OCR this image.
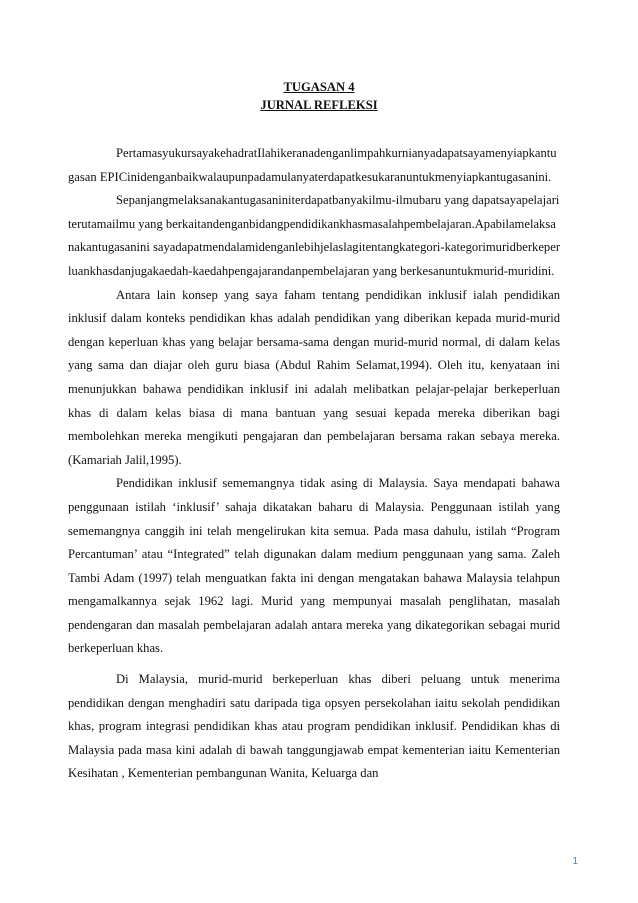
TUGASAN 4
JURNAL REFLEKSI

PertamasyukursayakehadratIlahikeranadenganlimpahkurnianyadapatsayamenyiapkantugasan EPICinidenganbaikwalaupunpadamulanyaterdapatkesukaranuntukmenyiapkantugasanini.

Sepanjangmelaksanakantugasaniniterdapatbanyakilmu-ilmubaru yang dapatsayapelajariterutamailmu yang berkaitandenganbidangpendidikankhasmasalahpembelajaran.Apabilamelaksanakantugasanini sayadapatmendalamidenganlebihjelaslagitentangkategori-kategorimuridberkeperluankhasdanjugakaedah-kaedahpengajarandanpembelajaran yang berkesanuntukmurid-muridini.

Antara lain konsep yang saya faham tentang pendidikan inklusif ialah pendidikan inklusif dalam konteks pendidikan khas adalah pendidikan yang diberikan kepada murid-murid dengan keperluan khas yang belajar bersama-sama dengan murid-murid normal, di dalam kelas yang sama dan diajar oleh guru biasa (Abdul Rahim Selamat,1994). Oleh itu, kenyataan ini menunjukkan bahawa pendidikan inklusif ini adalah melibatkan pelajar-pelajar berkeperluan khas di dalam kelas biasa di mana bantuan yang sesuai kepada mereka diberikan bagi membolehkan mereka mengikuti pengajaran dan pembelajaran bersama rakan sebaya mereka. (Kamariah Jalil,1995).

Pendidikan inklusif sememangnya tidak asing di Malaysia. Saya mendapati bahawa penggunaan istilah ‘inklusif’ sahaja dikatakan baharu di Malaysia. Penggunaan istilah yang sememangnya canggih ini telah mengelirukan kita semua. Pada masa dahulu, istilah “Program Percantuman’ atau “Integrated” telah digunakan dalam medium penggunaan yang sama. Zaleh Tambi Adam (1997) telah menguatkan fakta ini dengan mengatakan bahawa Malaysia telahpun mengamalkannya sejak 1962 lagi. Murid yang mempunyai masalah penglihatan, masalah pendengaran dan masalah pembelajaran adalah antara mereka yang dikategorikan sebagai murid berkeperluan khas.

Di Malaysia, murid-murid berkeperluan khas diberi peluang untuk menerima pendidikan dengan menghadiri satu daripada tiga opsyen persekolahan iaitu sekolah pendidikan khas, program integrasi pendidikan khas atau program pendidikan inklusif. Pendidikan khas di Malaysia pada masa kini adalah di bawah tanggungjawab empat kementerian iaitu Kementerian Kesihatan , Kementerian pembangunan Wanita, Keluarga dan

1
